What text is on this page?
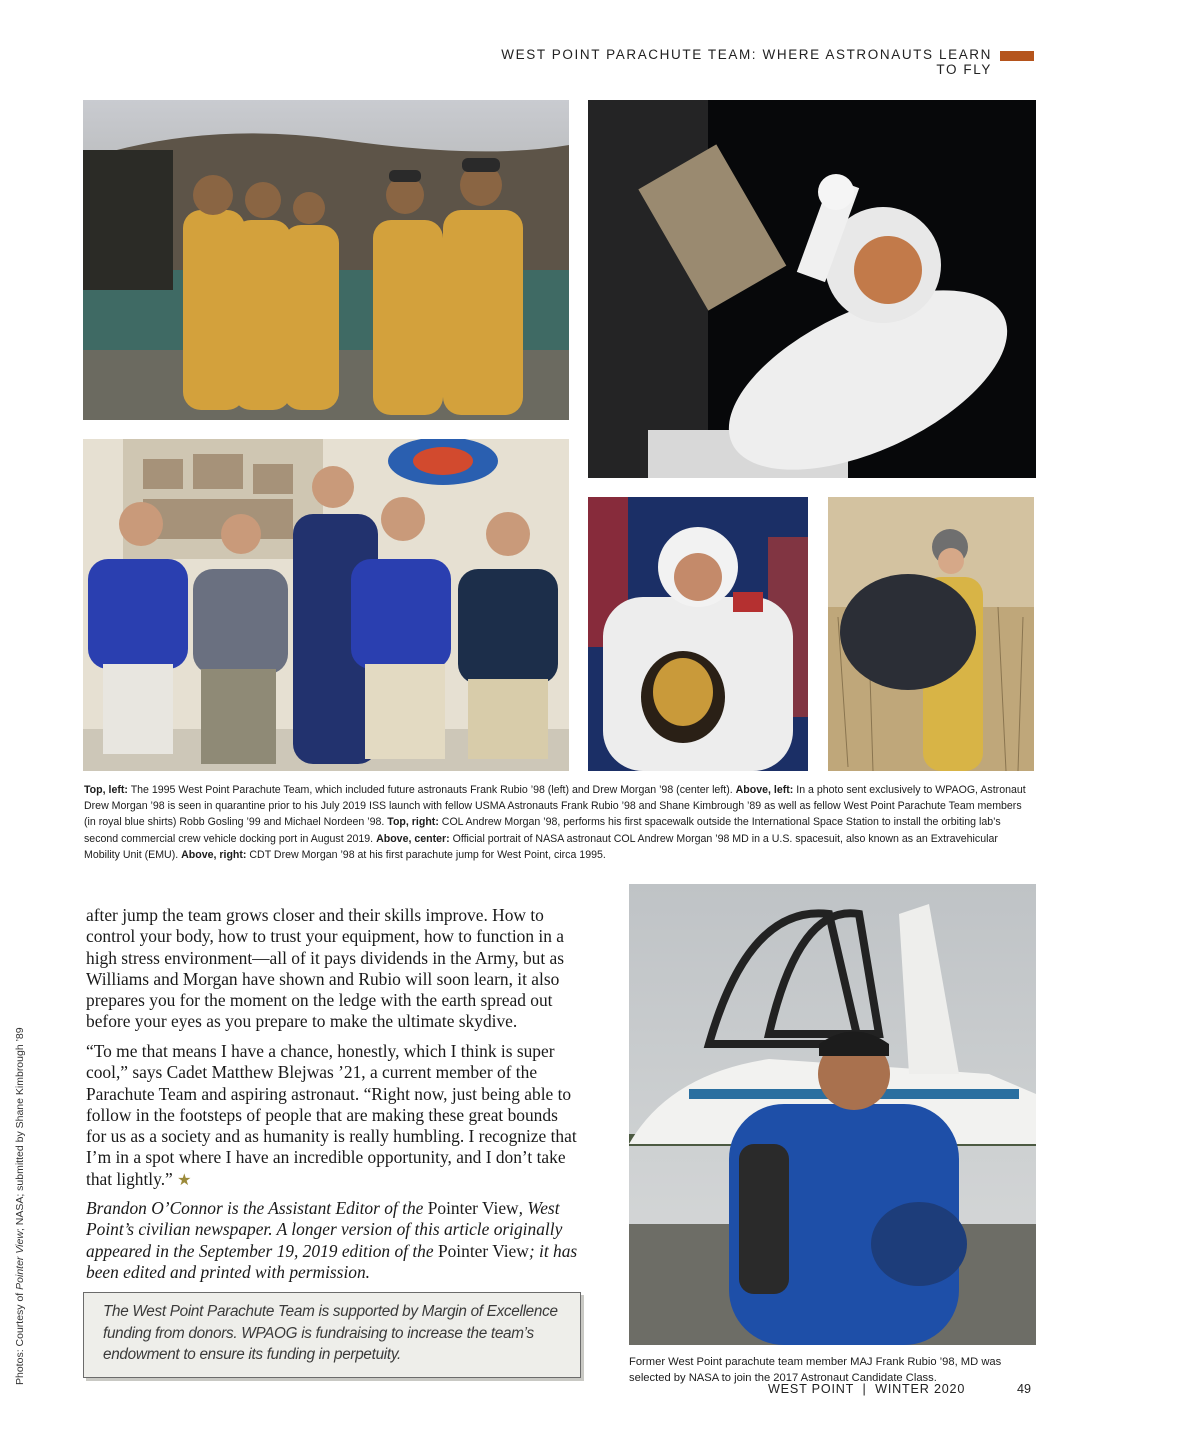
WEST POINT PARACHUTE TEAM: WHERE ASTRONAUTS LEARN TO FLY
Top, left: The 1995 West Point Parachute Team, which included future astronauts Frank Rubio ’98 (left) and Drew Morgan ’98 (center left). Above, left: In a photo sent exclusively to WPAOG, Astronaut Drew Morgan ’98 is seen in quarantine prior to his July 2019 ISS launch with fellow USMA Astronauts Frank Rubio ’98 and Shane Kimbrough ’89 as well as fellow West Point Parachute Team members (in royal blue shirts) Robb Gosling ’99 and Michael Nordeen ’98. Top, right: COL Andrew Morgan ’98, performs his first spacewalk outside the International Space Station to install the orbiting lab’s second commercial crew vehicle docking port in August 2019. Above, center: Official portrait of NASA astronaut COL Andrew Morgan ’98 MD in a U.S. spacesuit, also known as an Extravehicular Mobility Unit (EMU). Above, right: CDT Drew Morgan ’98 at his first parachute jump for West Point, circa 1995.

after jump the team grows closer and their skills improve. How to control your body, how to trust your equipment, how to function in a high stress environment—all of it pays dividends in the Army, but as Williams and Morgan have shown and Rubio will soon learn, it also prepares you for the moment on the ledge with the earth spread out before your eyes as you prepare to make the ultimate skydive.

“To me that means I have a chance, honestly, which I think is super cool,” says Cadet Matthew Blejwas ’21, a current member of the Parachute Team and aspiring astronaut. “Right now, just being able to follow in the footsteps of people that are making these great bounds for us as a society and as humanity is really humbling. I recognize that I’m in a spot where I have an incredible opportunity, and I don’t take that lightly.” ★

Brandon O’Connor is the Assistant Editor of the Pointer View, West Point’s civilian newspaper. A longer version of this article originally appeared in the September 19, 2019 edition of the Pointer View; it has been edited and printed with permission.

The West Point Parachute Team is supported by Margin of Excellence funding from donors. WPAOG is fundraising to increase the team’s endowment to ensure its funding in perpetuity.
Photos: Courtesy of Pointer View; NASA; submitted by Shane Kimbrough ’89
Former West Point parachute team member MAJ Frank Rubio ’98, MD was selected by NASA to join the 2017 Astronaut Candidate Class.
WEST POINT  |  WINTER 2020	49
